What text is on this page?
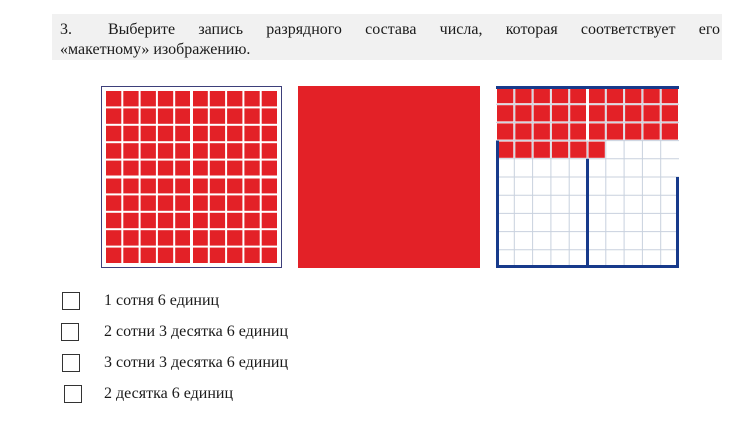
3. Выберите запись разрядного состава числа, которая соответствует его
«макетному» изображению.
1 сотня 6 единиц
2 сотни 3 десятка 6 единиц
3 сотни 3 десятка 6 единиц
2 десятка 6 единиц
